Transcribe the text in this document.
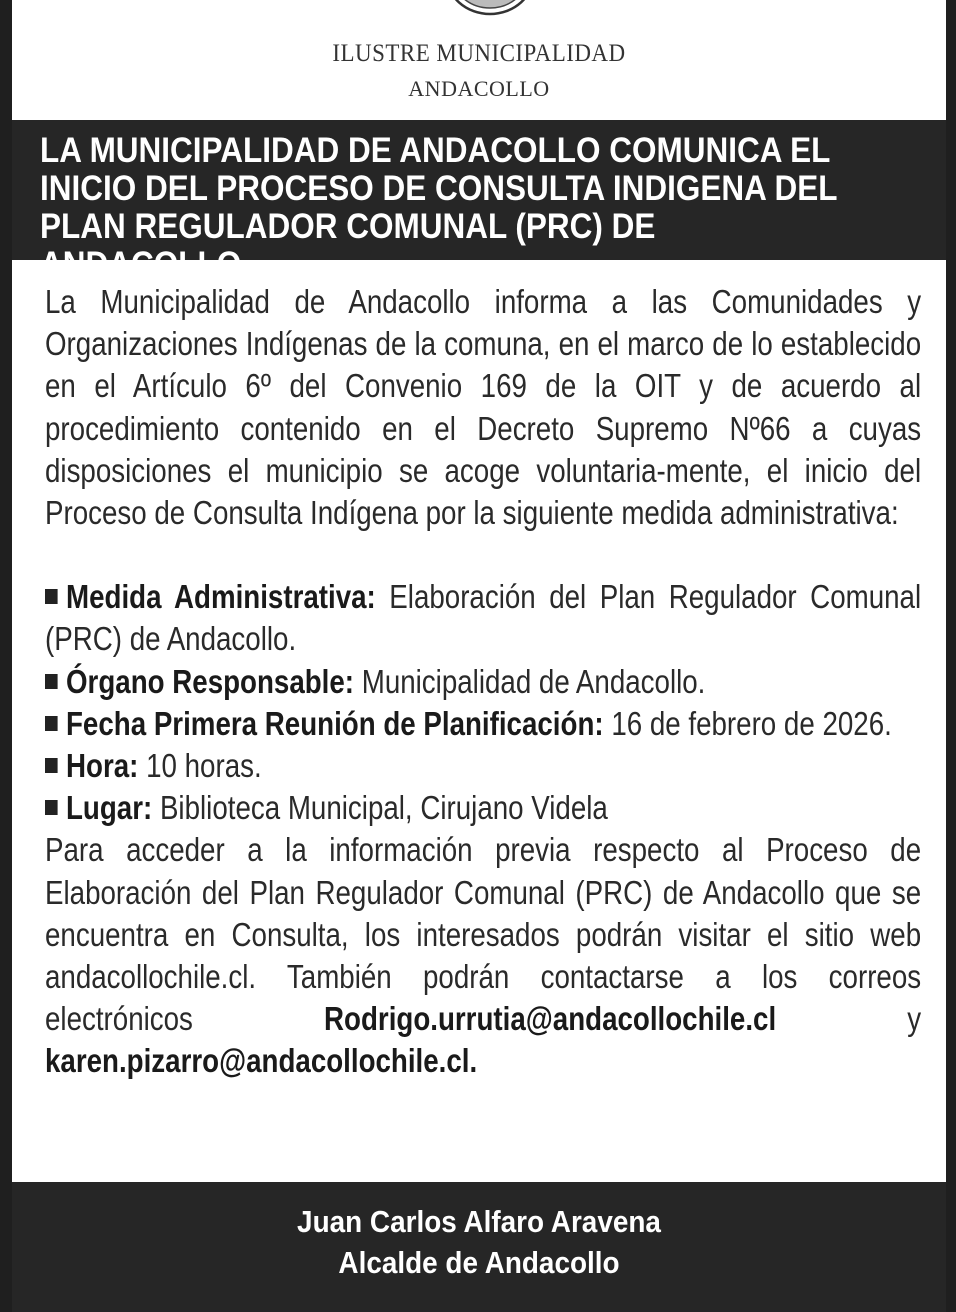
ILUSTRE MUNICIPALIDAD
ANDACOLLO
LA MUNICIPALIDAD DE ANDACOLLO COMUNICA EL
INICIO DEL PROCESO DE CONSULTA INDIGENA DEL
PLAN REGULADOR COMUNAL (PRC) DE ANDACOLLO
La Municipalidad de Andacollo informa a las Comunidades y Organizaciones Indígenas de la comuna, en el marco de lo establecido en el Artículo 6º del Convenio 169 de la OIT y de acuerdo al procedimiento contenido en el Decreto Supremo Nº66 a cuyas disposiciones el municipio se acoge voluntaria-mente, el inicio del Proceso de Consulta Indígena por la siguiente medida administrativa:
Medida Administrativa: Elaboración del Plan Regulador Comunal (PRC) de Andacollo.
Órgano Responsable: Municipalidad de Andacollo.
Fecha Primera Reunión de Planificación: 16 de febrero de 2026.
Hora: 10 horas.
Lugar: Biblioteca Municipal, Cirujano Videla
Para acceder a la información previa respecto al Proceso de Elaboración del Plan Regulador Comunal (PRC) de Andacollo que se encuentra en Consulta, los interesados podrán visitar el sitio web andacollochile.cl. También podrán contactarse a los correos electrónicos Rodrigo.urrutia@andacollochile.cl y karen.pizarro@andacollochile.cl.
Juan Carlos Alfaro Aravena
Alcalde de Andacollo
